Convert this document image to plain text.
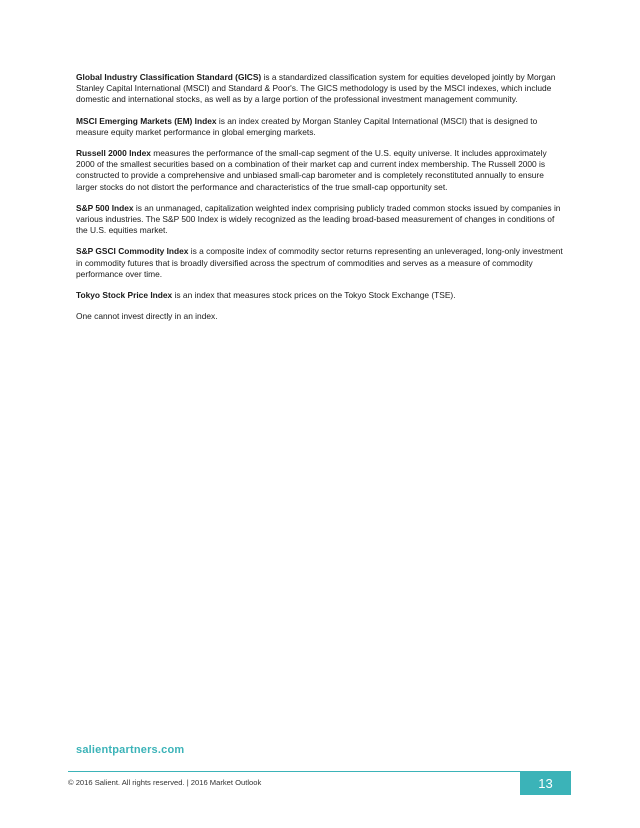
Global Industry Classification Standard (GICS) is a standardized classification system for equities developed jointly by Morgan Stanley Capital International (MSCI) and Standard & Poor's. The GICS methodology is used by the MSCI indexes, which include domestic and international stocks, as well as by a large portion of the professional investment management community.

MSCI Emerging Markets (EM) Index is an index created by Morgan Stanley Capital International (MSCI) that is designed to measure equity market performance in global emerging markets.

Russell 2000 Index measures the performance of the small-cap segment of the U.S. equity universe. It includes approximately 2000 of the smallest securities based on a combination of their market cap and current index membership. The Russell 2000 is constructed to provide a comprehensive and unbiased small-cap barometer and is completely reconstituted annually to ensure larger stocks do not distort the performance and characteristics of the true small-cap opportunity set.

S&P 500 Index is an unmanaged, capitalization weighted index comprising publicly traded common stocks issued by companies in various industries. The S&P 500 Index is widely recognized as the leading broad-based measurement of changes in conditions of the U.S. equities market.

S&P GSCI Commodity Index is a composite index of commodity sector returns representing an unleveraged, long-only investment in commodity futures that is broadly diversified across the spectrum of commodities and serves as a measure of commodity performance over time.

Tokyo Stock Price Index is an index that measures stock prices on the Tokyo Stock Exchange (TSE).

One cannot invest directly in an index.

salientpartners.com
© 2016 Salient. All rights reserved. | 2016 Market Outlook	13
